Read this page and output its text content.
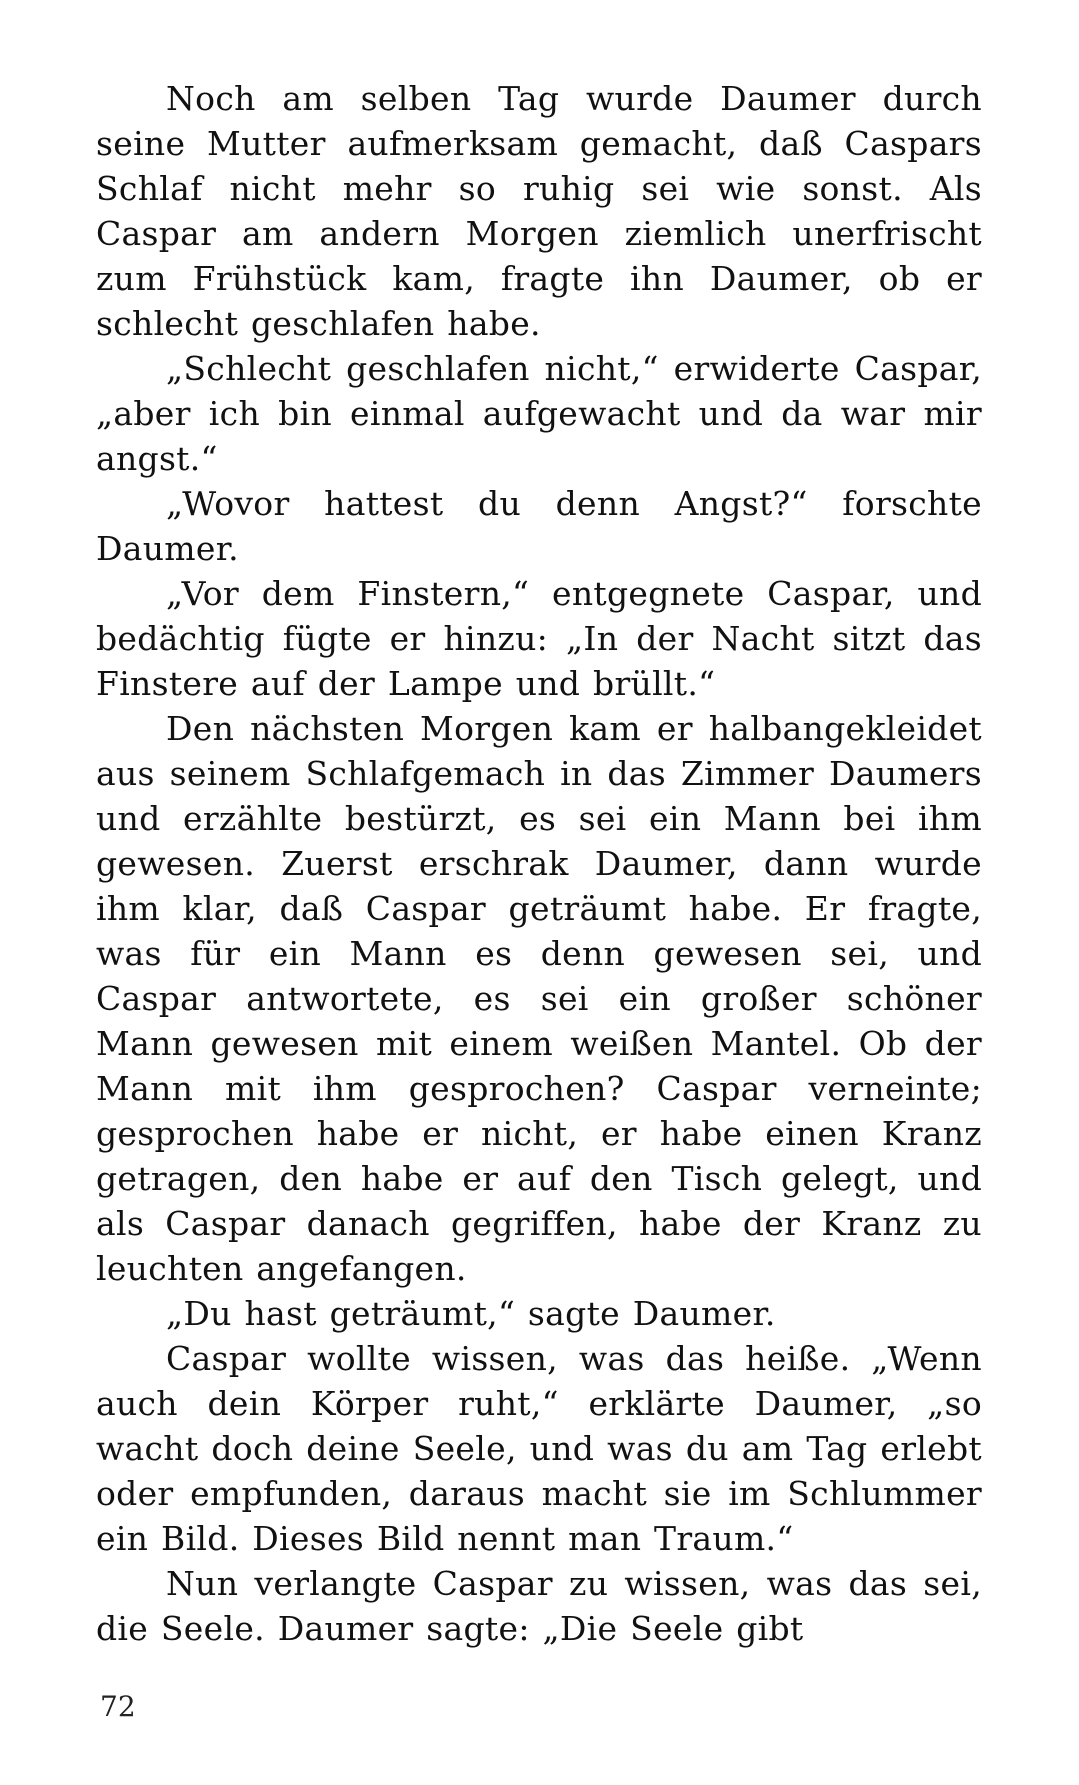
Noch am selben Tag wurde Daumer durch seine Mutter aufmerksam gemacht, daß Caspars Schlaf nicht mehr so ruhig sei wie sonst. Als Caspar am andern Morgen ziemlich unerfrischt zum Frühstück kam, fragte ihn Daumer, ob er schlecht geschlafen habe.

„Schlecht geschlafen nicht,“ erwiderte Caspar, „aber ich bin einmal aufgewacht und da war mir angst.“

„Wovor hattest du denn Angst?“ forschte Daumer.

„Vor dem Finstern,“ entgegnete Caspar, und bedächtig fügte er hinzu: „In der Nacht sitzt das Finstere auf der Lampe und brüllt.“

Den nächsten Morgen kam er halbangekleidet aus seinem Schlafgemach in das Zimmer Daumers und erzählte bestürzt, es sei ein Mann bei ihm gewesen. Zuerst erschrak Daumer, dann wurde ihm klar, daß Caspar geträumt habe. Er fragte, was für ein Mann es denn gewesen sei, und Caspar antwortete, es sei ein großer schöner Mann gewesen mit einem weißen Mantel. Ob der Mann mit ihm gesprochen? Caspar verneinte; gesprochen habe er nicht, er habe einen Kranz getragen, den habe er auf den Tisch gelegt, und als Caspar danach gegriffen, habe der Kranz zu leuchten angefangen.

„Du hast geträumt,“ sagte Daumer.

Caspar wollte wissen, was das heiße. „Wenn auch dein Körper ruht,“ erklärte Daumer, „so wacht doch deine Seele, und was du am Tag erlebt oder empfunden, daraus macht sie im Schlummer ein Bild. Dieses Bild nennt man Traum.“

Nun verlangte Caspar zu wissen, was das sei, die Seele. Daumer sagte: „Die Seele gibt

72
